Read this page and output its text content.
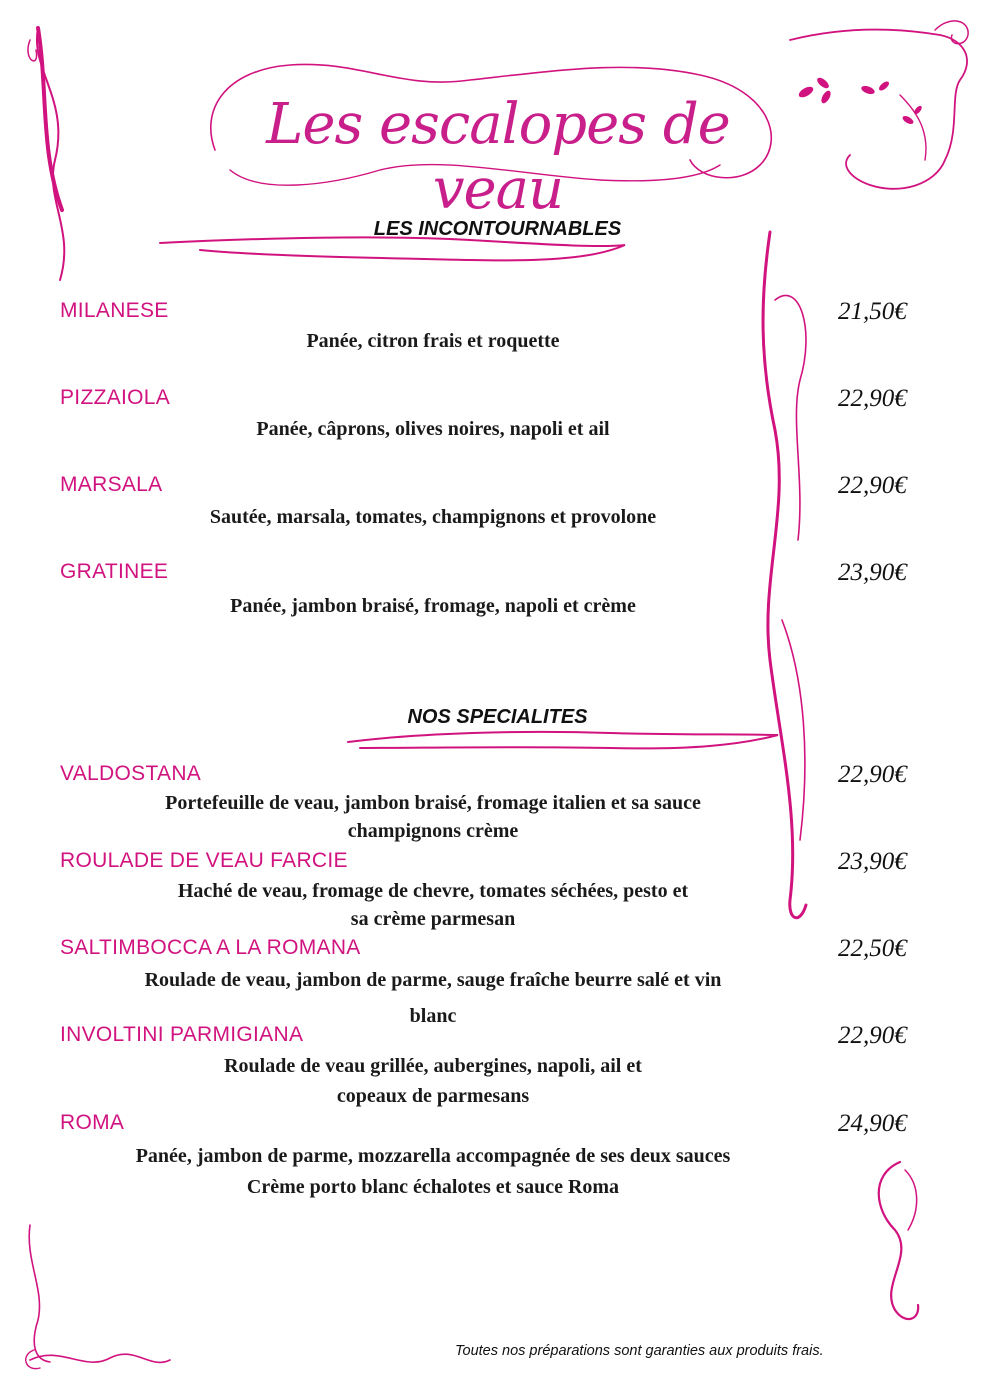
Les escalopes de veau
LES INCONTOURNABLES
MILANESE	21,50€
Panée, citron frais et roquette
PIZZAIOLA	22,90€
Panée, câprons, olives noires, napoli et ail
MARSALA	22,90€
Sautée, marsala, tomates, champignons et provolone
GRATINEE	23,90€
Panée, jambon braisé, fromage, napoli et crème
NOS SPECIALITES
VALDOSTANA	22,90€
Portefeuille de veau, jambon braisé, fromage italien et sa sauce
champignons crème
ROULADE DE VEAU FARCIE	23,90€
Haché de veau, fromage de chevre, tomates séchées, pesto et
sa crème parmesan
SALTIMBOCCA A LA ROMANA	22,50€
Roulade de veau, jambon de parme, sauge fraîche beurre salé et vin
blanc
INVOLTINI PARMIGIANA	22,90€
Roulade de veau grillée, aubergines, napoli, ail et
copeaux de parmesans
ROMA	24,90€
Panée, jambon de parme, mozzarella accompagnée de ses deux sauces
Crème porto blanc échalotes et sauce Roma
Toutes nos préparations sont garanties aux produits frais.
